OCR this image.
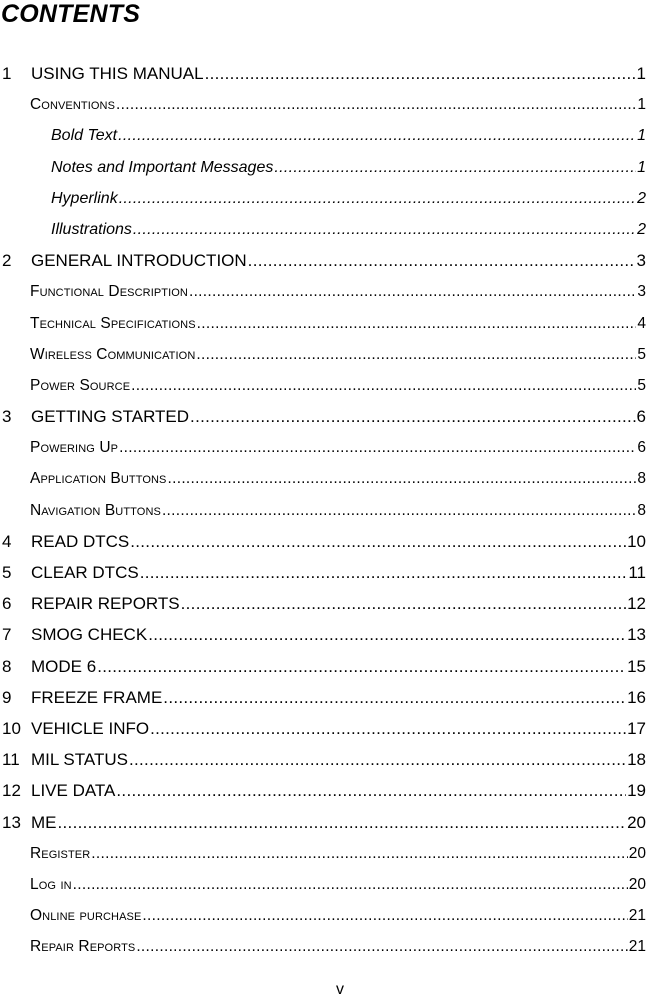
CONTENTS
1	USING THIS MANUAL .....	1
Conventions .....	1
Bold Text .....	1
Notes and Important Messages .....	1
Hyperlink .....	2
Illustrations .....	2
2	GENERAL INTRODUCTION .....	3
Functional Description .....	3
Technical Specifications .....	4
Wireless Communication .....	5
Power Source .....	5
3	GETTING STARTED .....	6
Powering Up .....	6
Application Buttons .....	8
Navigation Buttons .....	8
4	READ DTCS .....	10
5	CLEAR DTCS .....	11
6	REPAIR REPORTS .....	12
7	SMOG CHECK .....	13
8	MODE 6 .....	15
9	FREEZE FRAME .....	16
10 VEHICLE INFO .....	17
11 MIL STATUS .....	18
12 LIVE DATA .....	19
13 ME .....	20
Register .....	20
Log in .....	20
Online purchase .....	21
Repair Reports .....	21
v
